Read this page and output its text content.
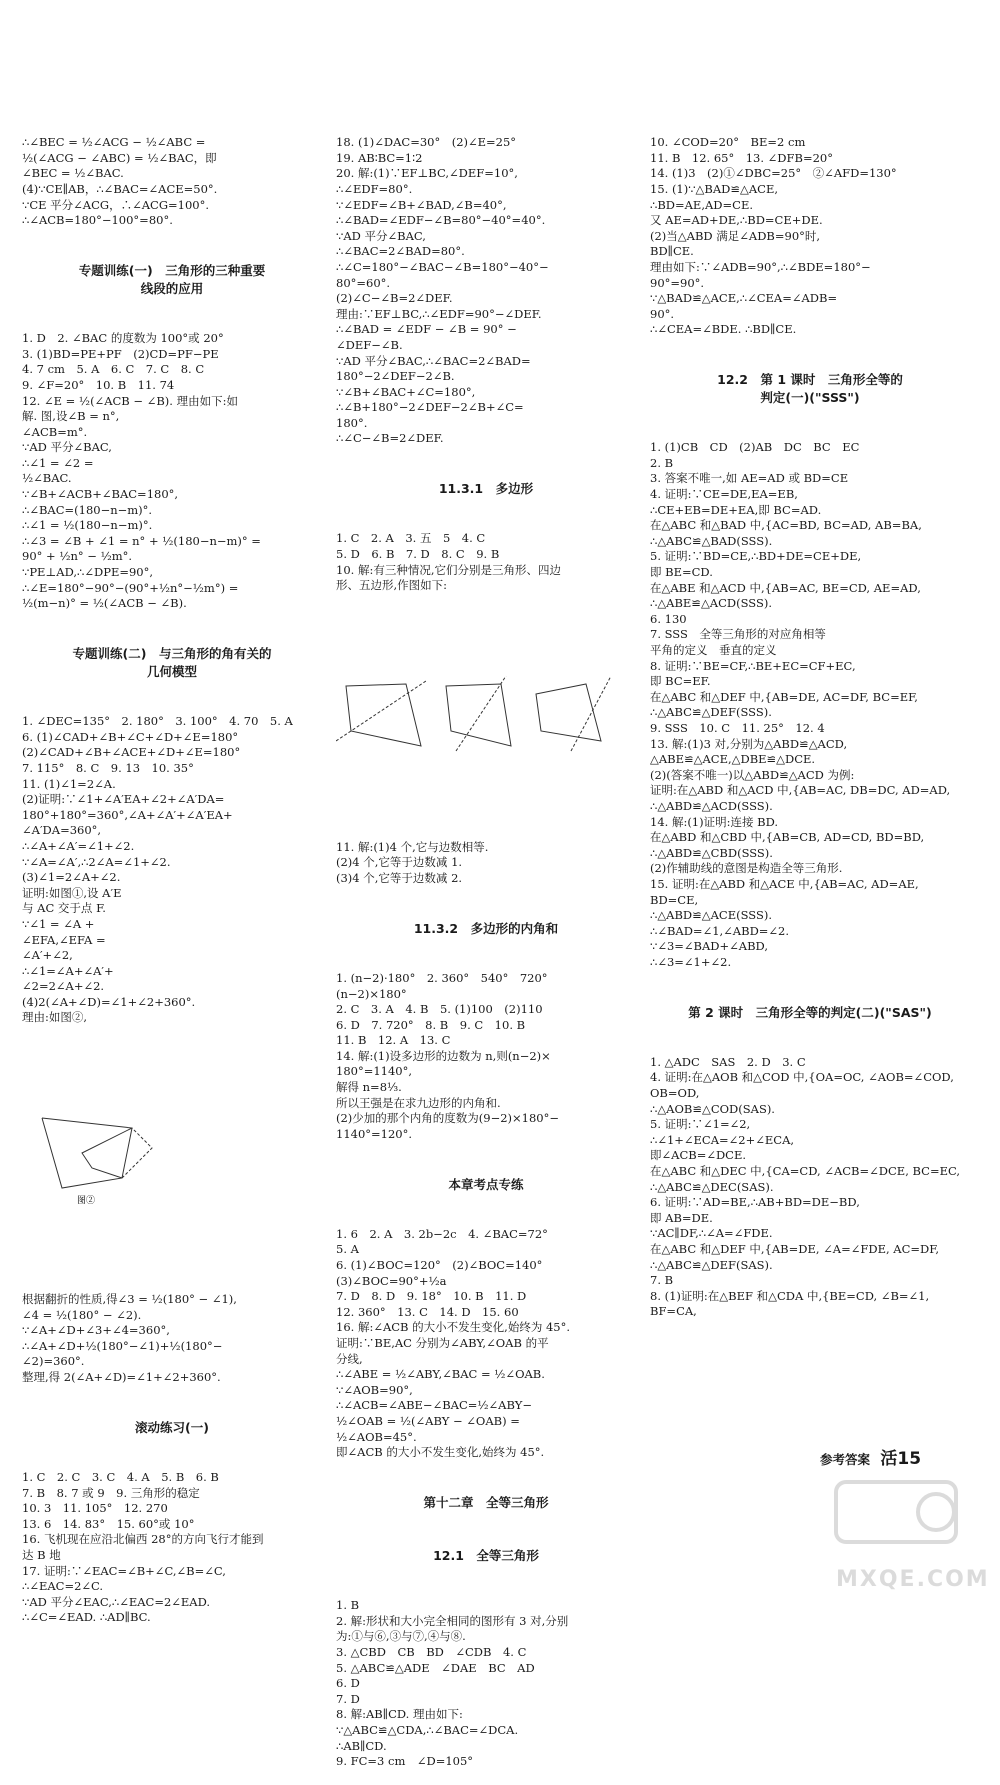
∴∠BEC = ½∠ACG − ½∠ABC =
½(∠ACG − ∠ABC) = ½∠BAC，即
∠BEC = ½∠BAC.
(4)∵CE∥AB，∴∠BAC=∠ACE=50°.
∵CE 平分∠ACG，∴∠ACG=100°.
∴∠ACB=180°−100°=80°.

专题训练(一)　三角形的三种重要
线段的应用

1. D　2. ∠BAC 的度数为 100°或 20°
3. (1)BD=PE+PF　(2)CD=PF−PE
4. 7 cm　5. A　6. C　7. C　8. C
9. ∠F=20°　10. B　11. 74
12. ∠E = ½(∠ACB − ∠B). 理由如下:如
解. 图,设∠B = n°,
∠ACB=m°.
∵AD 平分∠BAC,
∴∠1 = ∠2 =
½∠BAC.
∵∠B+∠ACB+∠BAC=180°,
∴∠BAC=(180−n−m)°.
∴∠1 = ½(180−n−m)°.
∴∠3 = ∠B + ∠1 = n° + ½(180−n−m)° =
90° + ½n° − ½m°.
∵PE⊥AD,∴∠DPE=90°,
∴∠E=180°−90°−(90°+½n°−½m°) =
½(m−n)° = ½(∠ACB − ∠B).

专题训练(二)　与三角形的角有关的
几何模型

1. ∠DEC=135°　2. 180°　3. 100°　4. 70　5. A
6. (1)∠CAD+∠B+∠C+∠D+∠E=180°
(2)∠CAD+∠B+∠ACE+∠D+∠E=180°
7. 115°　8. C　9. 13　10. 35°
11. (1)∠1=2∠A.
(2)证明:∵∠1+∠A′EA+∠2+∠A′DA=
180°+180°=360°,∠A+∠A′+∠A′EA+
∠A′DA=360°,
∴∠A+∠A′=∠1+∠2.
∵∠A=∠A′,∴2∠A=∠1+∠2.
(3)∠1=2∠A+∠2.
证明:如图①,设 A′E
与 AC 交于点 F.
∵∠1 = ∠A +
∠EFA,∠EFA =
∠A′+∠2,
∴∠1=∠A+∠A′+
∠2=2∠A+∠2.
(4)2(∠A+∠D)=∠1+∠2+360°.
理由:如图②,

图②

根据翻折的性质,得∠3 = ½(180° − ∠1),
∠4 = ½(180° − ∠2).
∵∠A+∠D+∠3+∠4=360°,
∴∠A+∠D+½(180°−∠1)+½(180°−
∠2)=360°.
整理,得 2(∠A+∠D)=∠1+∠2+360°.

滚动练习(一)

1. C　2. C　3. C　4. A　5. B　6. B
7. B　8. 7 或 9　9. 三角形的稳定
10. 3　11. 105°　12. 270
13. 6　14. 83°　15. 60°或 10°
16. 飞机现在应沿北偏西 28°的方向飞行才能到
达 B 地
17. 证明:∵∠EAC=∠B+∠C,∠B=∠C,
∴∠EAC=2∠C.
∵AD 平分∠EAC,∴∠EAC=2∠EAD.
∴∠C=∠EAD. ∴AD∥BC.

18. (1)∠DAC=30°　(2)∠E=25°
19. AB∶BC=1∶2
20. 解:(1)∵EF⊥BC,∠DEF=10°,
∴∠EDF=80°.
∵∠EDF=∠B+∠BAD,∠B=40°,
∴∠BAD=∠EDF−∠B=80°−40°=40°.
∵AD 平分∠BAC,
∴∠BAC=2∠BAD=80°.
∴∠C=180°−∠BAC−∠B=180°−40°−
80°=60°.
(2)∠C−∠B=2∠DEF.
理由:∵EF⊥BC,∴∠EDF=90°−∠DEF.
∴∠BAD = ∠EDF − ∠B = 90° −
∠DEF−∠B.
∵AD 平分∠BAC,∴∠BAC=2∠BAD=
180°−2∠DEF−2∠B.
∵∠B+∠BAC+∠C=180°,
∴∠B+180°−2∠DEF−2∠B+∠C=
180°.
∴∠C−∠B=2∠DEF.

11.3.1　多边形

1. C　2. A　3. 五　5　4. C
5. D　6. B　7. D　8. C　9. B
10. 解:有三种情况,它们分别是三角形、四边
形、五边形,作图如下:

11. 解:(1)4 个,它与边数相等.
(2)4 个,它等于边数减 1.
(3)4 个,它等于边数减 2.

11.3.2　多边形的内角和

1. (n−2)·180°　2. 360°　540°　720°
(n−2)×180°
2. C　3. A　4. B　5. (1)100　(2)110
6. D　7. 720°　8. B　9. C　10. B
11. B　12. A　13. C
14. 解:(1)设多边形的边数为 n,则(n−2)×
180°=1140°,
解得 n=8⅓.
所以王强是在求九边形的内角和.
(2)少加的那个内角的度数为(9−2)×180°−
1140°=120°.

本章考点专练

1. 6　2. A　3. 2b−2c　4. ∠BAC=72°
5. A
6. (1)∠BOC=120°　(2)∠BOC=140°
(3)∠BOC=90°+½a
7. D　8. D　9. 18°　10. B　11. D
12. 360°　13. C　14. D　15. 60
16. 解:∠ACB 的大小不发生变化,始终为 45°.
证明:∵BE,AC 分别为∠ABY,∠OAB 的平
分线,
∴∠ABE = ½∠ABY,∠BAC = ½∠OAB.
∵∠AOB=90°,
∴∠ACB=∠ABE−∠BAC=½∠ABY−
½∠OAB = ½(∠ABY − ∠OAB) =
½∠AOB=45°.
即∠ACB 的大小不发生变化,始终为 45°.

第十二章　全等三角形

12.1　全等三角形

1. B
2. 解:形状和大小完全相同的图形有 3 对,分别
为:①与⑥,③与⑦,④与⑧.
3. △CBD　CB　BD　∠CDB　4. C
5. △ABC≌△ADE　∠DAE　BC　AD
6. D
7. D
8. 解:AB∥CD. 理由如下:
∵△ABC≌△CDA,∴∠BAC=∠DCA.
∴AB∥CD.
9. FC=3 cm　∠D=105°

10. ∠COD=20°　BE=2 cm
11. B　12. 65°　13. ∠DFB=20°
14. (1)3　(2)①∠DBC=25°　②∠AFD=130°
15. (1)∵△BAD≌△ACE,
∴BD=AE,AD=CE.
又 AE=AD+DE,∴BD=CE+DE.
(2)当△ABD 满足∠ADB=90°时,
BD∥CE.
理由如下:∵∠ADB=90°,∴∠BDE=180°−
90°=90°.
∵△BAD≌△ACE,∴∠CEA=∠ADB=
90°.
∴∠CEA=∠BDE. ∴BD∥CE.

12.2　第 1 课时　三角形全等的
判定(一)("SSS")

1. (1)CB　CD　(2)AB　DC　BC　EC
2. B
3. 答案不唯一,如 AE=AD 或 BD=CE
4. 证明:∵CE=DE,EA=EB,
∴CE+EB=DE+EA,即 BC=AD.
在△ABC 和△BAD 中,{AC=BD, BC=AD, AB=BA,
∴△ABC≌△BAD(SSS).
5. 证明:∵BD=CE,∴BD+DE=CE+DE,
即 BE=CD.
在△ABE 和△ACD 中,{AB=AC, BE=CD, AE=AD,
∴△ABE≌△ACD(SSS).
6. 130
7. SSS　全等三角形的对应角相等
平角的定义　垂直的定义
8. 证明:∵BE=CF,∴BE+EC=CF+EC,
即 BC=EF.
在△ABC 和△DEF 中,{AB=DE, AC=DF, BC=EF,
∴△ABC≌△DEF(SSS).
9. SSS　10. C　11. 25°　12. 4
13. 解:(1)3 对,分别为△ABD≌△ACD,
△ABE≌△ACE,△DBE≌△DCE.
(2)(答案不唯一)以△ABD≌△ACD 为例:
证明:在△ABD 和△ACD 中,{AB=AC, DB=DC, AD=AD,
∴△ABD≌△ACD(SSS).
14. 解:(1)证明:连接 BD.
在△ABD 和△CBD 中,{AB=CB, AD=CD, BD=BD,
∴△ABD≌△CBD(SSS).
(2)作辅助线的意图是构造全等三角形.
15. 证明:在△ABD 和△ACE 中,{AB=AC, AD=AE, BD=CE,
∴△ABD≌△ACE(SSS).
∴∠BAD=∠1,∠ABD=∠2.
∵∠3=∠BAD+∠ABD,
∴∠3=∠1+∠2.

第 2 课时　三角形全等的判定(二)("SAS")

1. △ADC　SAS　2. D　3. C
4. 证明:在△AOB 和△COD 中,{OA=OC, ∠AOB=∠COD, OB=OD,
∴△AOB≌△COD(SAS).
5. 证明:∵∠1=∠2,
∴∠1+∠ECA=∠2+∠ECA,
即∠ACB=∠DCE.
在△ABC 和△DEC 中,{CA=CD, ∠ACB=∠DCE, BC=EC,
∴△ABC≌△DEC(SAS).
6. 证明:∵AD=BE,∴AB+BD=DE−BD,
即 AB=DE.
∵AC∥DF,∴∠A=∠FDE.
在△ABC 和△DEF 中,{AB=DE, ∠A=∠FDE, AC=DF,
∴△ABC≌△DEF(SAS).
7. B
8. (1)证明:在△BEF 和△CDA 中,{BE=CD, ∠B=∠1, BF=CA,

参考答案 活15
MXQE.COM
